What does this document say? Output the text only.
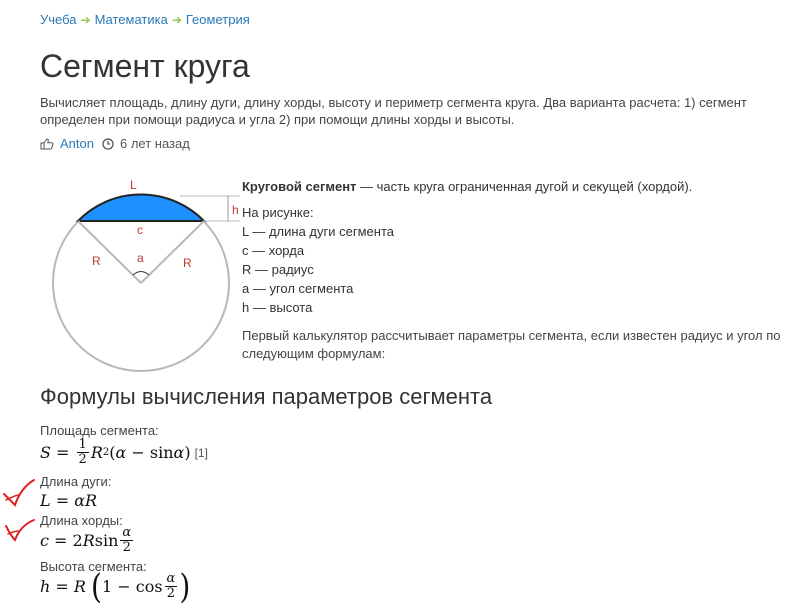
Учеба ➔ Математика ➔ Геометрия
Сегмент круга
Вычисляет площадь, длину дуги, длину хорды, высоту и периметр сегмента круга. Два варианта расчета: 1) сегмент определен при помощи радиуса и угла 2) при помощи длины хорды и высоты.
Anton 6 лет назад
L
h
c
R	R
a

Круговой сегмент — часть круга ограниченная дугой и секущей (хордой).

На рисунке:
L — длина дуги сегмента
c — хорда
R — радиус
a — угол сегмента
h — высота

Первый калькулятор рассчитывает параметры сегмента, если известен радиус и угол по следующим формулам:

Формулы вычисления параметров сегмента
Площадь сегмента:
$S = \frac{1}{2}$ R 2 ( α − sin α ) [1]
Длина дуги:
L = αR
Длина хорды:
c = 2 R $\sin \frac{\alpha}{2}$
Высота сегмента:
h = R
( $1 - \cos \frac{\alpha}{2}$ )
